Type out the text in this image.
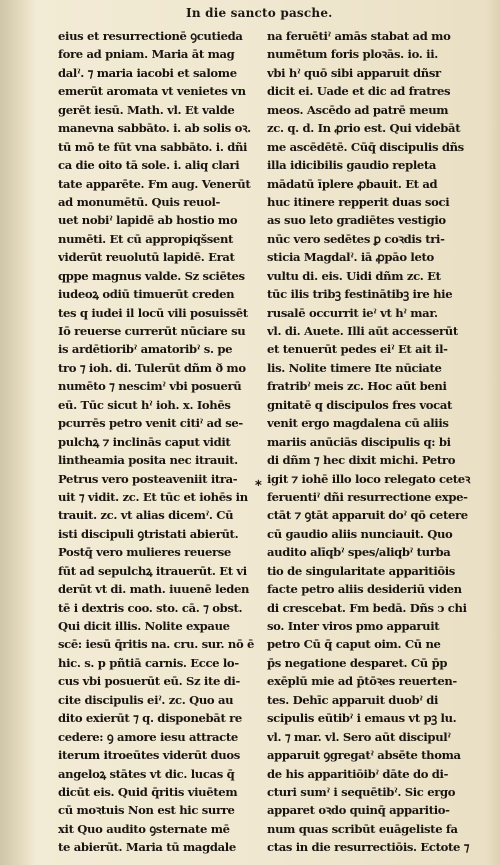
In die sancto pasche.
eius et resurrectionē ꝯcutieda
fore ad pniam. Maria āt mag
dalˀ. ⁊ maria iacobi et salome
emerūt aromata vt venietes vn
gerēt iesū. Math. vl. Et valde
manevna sabbāto. i. ab solis oꝛ.
tū mō te fūt vna sabbāto. i. dñi
ca die oito tā sole. i. aliq clari
tate apparēte. Fm aug. Venerūt
ad monumētū. Quis reuol-
uet nobiˀ lapidē ab hostio mo
numēti. Et cū appropiqšsent
viderūt reuolutū lapidē. Erat
qppe magnus valde. Sz sciētes
iudeoꝝ odiū timuerūt creden
tes q iudei il locū vili posuissēt
Iō reuerse currerūt nūciare su
is ardētioribˀ amatoribˀ s. pe
tro ⁊ ioh. di. Tulerūt dñm ð mo
numēto ⁊ nescimˀ vbi posuerū
eū. Tūc sicut hˀ ioh. x. Iohēs
pcurrēs petro venit citiˀ ad se-
pulchꝝ ⁊ inclinās caput vidit
lintheamia posita nec itrauit.
Petrus vero posteaveniit itra-
uit ⁊ vidit. zc. Et tūc et iohēs in
trauit. zc. vt alias dicemˀ. Cū
isti discipuli ꝯtristati abierūt.
Postq̄ vero mulieres reuerse
fūt ad sepulchꝝ itrauerūt. Et vi
derūt vt di. math. iuuenē leden
tē i dextris coo. sto. cā. ⁊ obst.
Qui dicit illis. Nolite expaue
scē: iesū q̄ritis na. cru. sur. nō ē
hic. s. p pñtiā carnis. Ecce lo-
cus vbi posuerūt eū. Sz ite di-
cite discipulis eiˀ. zc. Quo au
dito exierūt ⁊ q. disponebāt re
cedere: ꝯ amore iesu attracte
iterum itroeūtes viderūt duos
angeloꝝ stātes vt dic. lucas q̄
dicūt eis. Quid q̄ritis viuētem
cū moꝛtuis Non est hic surre
xit Quo audito ꝯsternate mē
te abierūt. Maria tū magdale
na feruētiˀ amās stabat ad mo
numētum foris ploꝛās. io. ii.
vbi hˀ quō sibi apparuit dñsr
dicit ei. Uade et dic ad fratres
meos. Ascēdo ad patrē meum
zc. q. d. In ꝓrio est. Qui videbāt
me ascēdētē. Cūq̄ discipulis dñs
illa idicibilis gaudio repleta
mādatū īplere ꝓbauit. Et ad
huc itinere repperit duas soci
as suo leto gradiētes vestigio
nūc vero sedētes ꝑ coꝛdis tri-
sticia Magdalˀ. iā ꝓpāo leto
vultu di. eis. Uidi dñm zc. Et
tūc ilis tribꝫ festinātibꝫ ire hie
rusalē occurrit ieˀ vt hˀ mar.
vl. di. Auete. Illi aūt accesserūt
et tenuerūt pedes eiˀ Et ait il-
lis. Nolite timere Ite nūciate
fratribˀ meis zc. Hoc aūt beni
gnitatē q discipulos fres vocat
venit ergo magdalena cū aliis
mariis anūciās discipulis q: bi
di dñm ⁊ hec dixit michi. Petro
igit ⁊ iohē illo loco relegato ceteꝛ
feruentiˀ dñi resurrectione expe-
ctāt ⁊ ꝯtāt apparuit doˀ qō cetere
cū gaudio aliis nunciauit. Quo
audito alīqbˀ spes/aliqbˀ turba
tio de singularitate apparitiōis
facte petro aliis desideriū viden
di crescebat. Fm bedā. Dñs ↄ chi
so. Inter viros pmo apparuit
petro Cū q̄ caput oim. Cū ne
p̄s negatione desparet. Cū p̄p
exēplū mie ad p̄tōꝛes reuerten-
tes. Dehīc apparuit duobˀ di
scipulis eūtibˀ i emaus vt pꝫ lu.
vl. ⁊ mar. vl. Sero aūt discipulˀ
apparuit ꝯgregatˀ absēte thoma
de his apparitiōibˀ dāte do di-
cturi sumˀ i sequētibˀ. Sic ergo
apparet oꝛdo quinq̄ apparitio-
num quas scribūt euāgeliste fa
ctas in die resurrectiōis. Ectote ⁊
⁎
